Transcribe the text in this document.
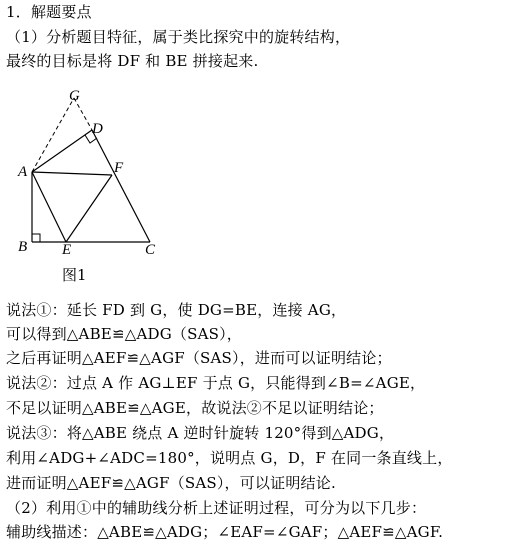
1．解题要点
（1）分析题目特征，属于类比探究中的旋转结构，
最终的目标是将 DF 和 BE 拼接起来.
G
D
A	F
B E	C
图1
说法①：延长 FD 到 G，使 DG=BE，连接 AG，
可以得到△ABE≌△ADG（SAS），
之后再证明△AEF≌△AGF（SAS），进而可以证明结论；
说法②：过点 A 作 AG⊥EF 于点 G，只能得到∠B=∠AGE，
不足以证明△ABE≌△AGE，故说法②不足以证明结论；
说法③：将△ABE 绕点 A 逆时针旋转 120°得到△ADG，
利用∠ADG+∠ADC=180°，说明点 G，D，F 在同一条直线上，
进而证明△AEF≌△AGF（SAS），可以证明结论.
（2）利用①中的辅助线分析上述证明过程，可分为以下几步：
辅助线描述：△ABE≌△ADG；∠EAF=∠GAF；△AEF≌△AGF.
